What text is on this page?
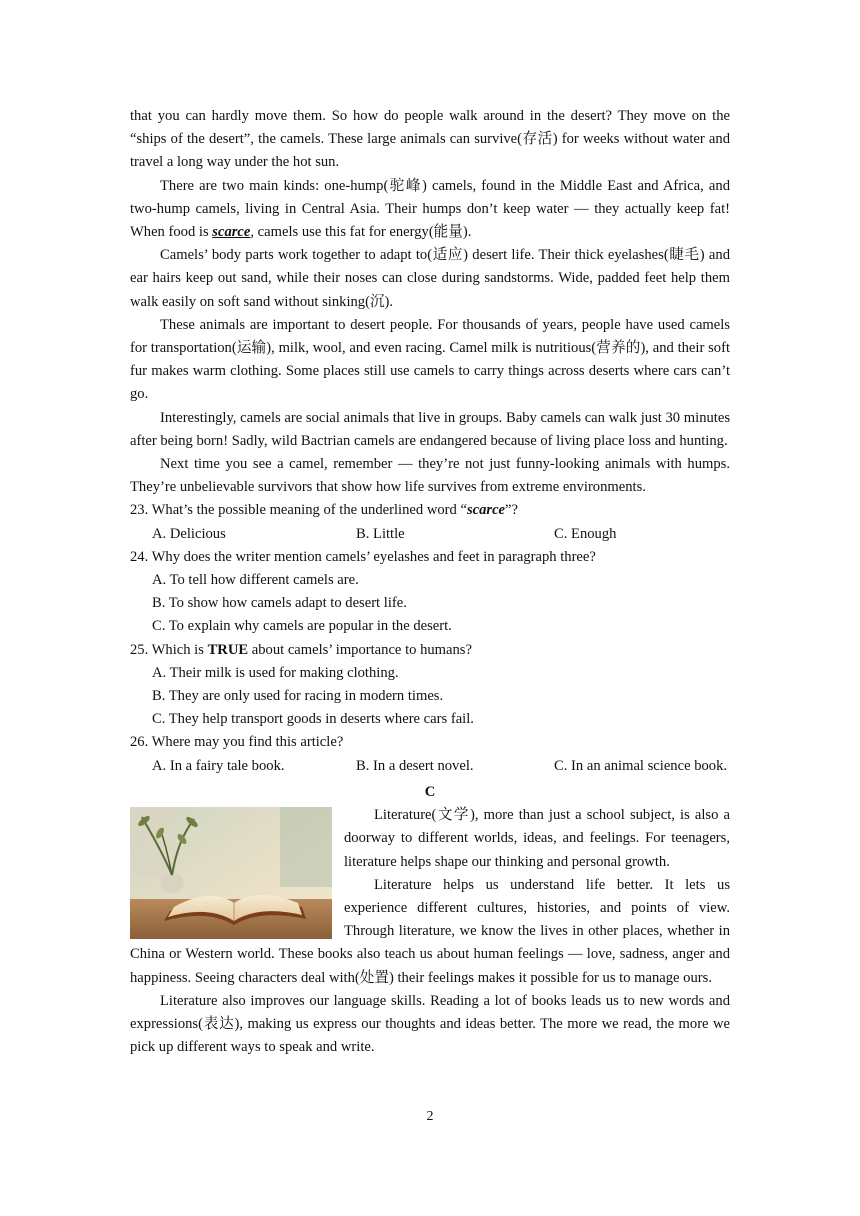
that you can hardly move them. So how do people walk around in the desert? They move on the “ships of the desert”, the camels. These large animals can survive(存活) for weeks without water and travel a long way under the hot sun.

There are two main kinds: one-hump(驼峰) camels, found in the Middle East and Africa, and two-hump camels, living in Central Asia. Their humps don’t keep water — they actually keep fat! When food is scarce, camels use this fat for energy(能量).

Camels’ body parts work together to adapt to(适应) desert life. Their thick eyelashes(睫毛) and ear hairs keep out sand, while their noses can close during sandstorms. Wide, padded feet help them walk easily on soft sand without sinking(沉).

These animals are important to desert people. For thousands of years, people have used camels for transportation(运输), milk, wool, and even racing. Camel milk is nutritious(营养的), and their soft fur makes warm clothing. Some places still use camels to carry things across deserts where cars can’t go.

Interestingly, camels are social animals that live in groups. Baby camels can walk just 30 minutes after being born! Sadly, wild Bactrian camels are endangered because of living place loss and hunting.

Next time you see a camel, remember — they’re not just funny-looking animals with humps. They’re unbelievable survivors that show how life survives from extreme environments.

23. What’s the possible meaning of the underlined word “scarce”?

A. Delicious	B. Little	C. Enough

24. Why does the writer mention camels’ eyelashes and feet in paragraph three?

A. To tell how different camels are.

B. To show how camels adapt to desert life.

C. To explain why camels are popular in the desert.

25. Which is TRUE about camels’ importance to humans?

A. Their milk is used for making clothing.

B. They are only used for racing in modern times.

C. They help transport goods in deserts where cars fail.

26. Where may you find this article?

A. In a fairy tale book.	B. In a desert novel.	C. In an animal science book.

C

Literature(文学), more than just a school subject, is also a doorway to different worlds, ideas, and feelings. For teenagers, literature helps shape our thinking and personal growth.

Literature helps us understand life better. It lets us experience different cultures, histories, and points of view. Through literature, we know the lives in other places, whether in China or Western world. These books also teach us about human feelings — love, sadness, anger and happiness. Seeing characters deal with(处置) their feelings makes it possible for us to manage ours.

Literature also improves our language skills. Reading a lot of books leads us to new words and expressions(表达), making us express our thoughts and ideas better. The more we read, the more we pick up different ways to speak and write.

2
